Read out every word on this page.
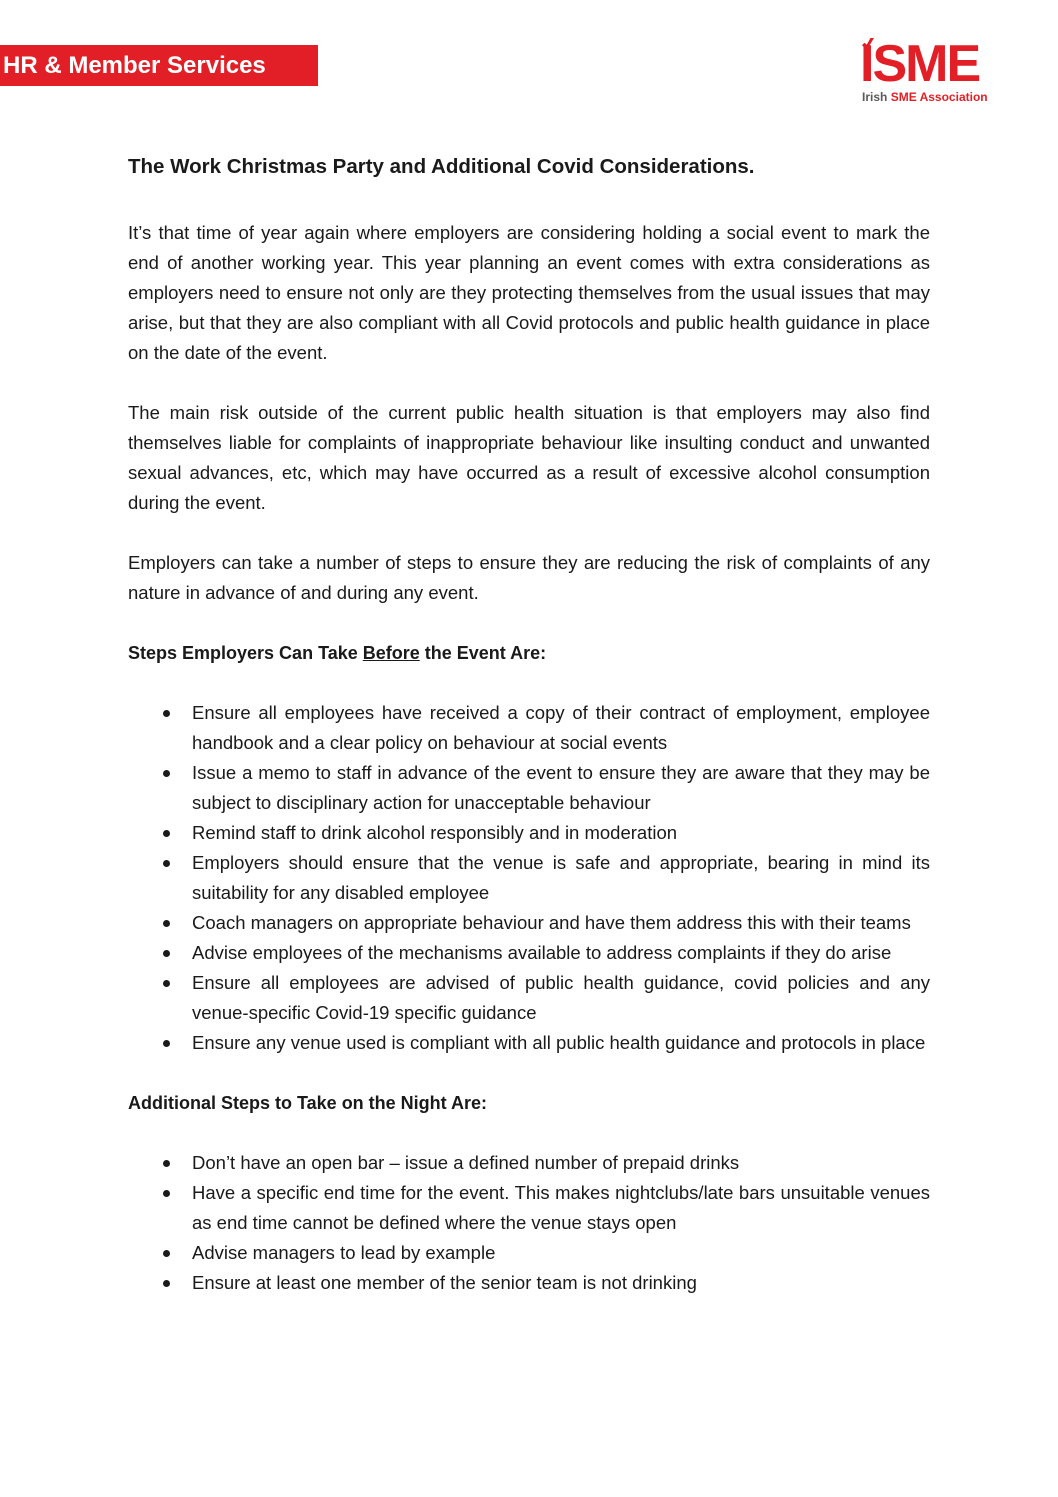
HR & Member Services	ISME
Irish SME Association
The Work Christmas Party and Additional Covid Considerations.

It’s that time of year again where employers are considering holding a social event to mark the end of another working year. This year planning an event comes with extra considerations as employers need to ensure not only are they protecting themselves from the usual issues that may arise, but that they are also compliant with all Covid protocols and public health guidance in place on the date of the event.

The main risk outside of the current public health situation is that employers may also find themselves liable for complaints of inappropriate behaviour like insulting conduct and unwanted sexual advances, etc, which may have occurred as a result of excessive alcohol consumption during the event.

Employers can take a number of steps to ensure they are reducing the risk of complaints of any nature in advance of and during any event.

Steps Employers Can Take Before the Event Are:
Ensure all employees have received a copy of their contract of employment, employee handbook and a clear policy on behaviour at social events
Issue a memo to staff in advance of the event to ensure they are aware that they may be subject to disciplinary action for unacceptable behaviour
Remind staff to drink alcohol responsibly and in moderation
Employers should ensure that the venue is safe and appropriate, bearing in mind its suitability for any disabled employee
Coach managers on appropriate behaviour and have them address this with their teams
Advise employees of the mechanisms available to address complaints if they do arise
Ensure all employees are advised of public health guidance, covid policies and any venue-specific Covid-19 specific guidance
Ensure any venue used is compliant with all public health guidance and protocols in place
Additional Steps to Take on the Night Are:
Don’t have an open bar – issue a defined number of prepaid drinks
Have a specific end time for the event. This makes nightclubs/late bars unsuitable venues as end time cannot be defined where the venue stays open
Advise managers to lead by example
Ensure at least one member of the senior team is not drinking
